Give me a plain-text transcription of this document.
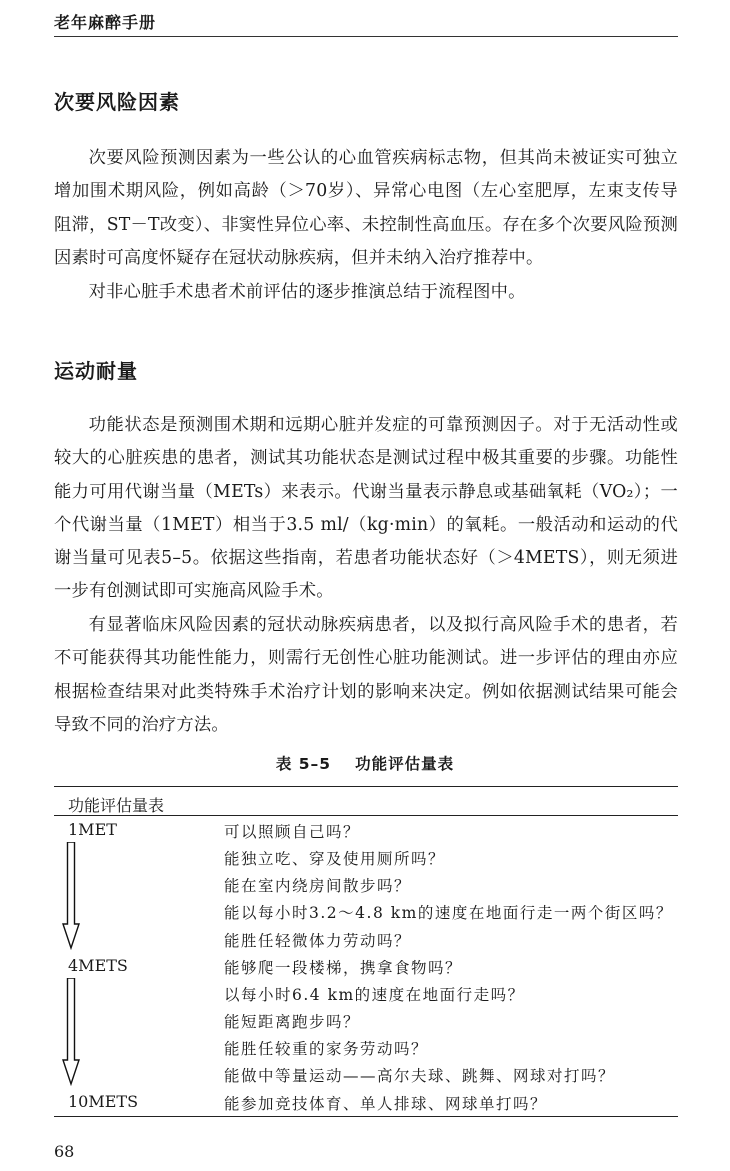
老年麻醉手册
次要风险因素

次要风险预测因素为一些公认的心血管疾病标志物，但其尚未被证实可独立增加围术期风险，例如高龄（＞70岁）、异常心电图（左心室肥厚，左束支传导阻滞，ST－T改变）、非窦性异位心率、未控制性高血压。存在多个次要风险预测因素时可高度怀疑存在冠状动脉疾病，但并未纳入治疗推荐中。

对非心脏手术患者术前评估的逐步推演总结于流程图中。

运动耐量

功能状态是预测围术期和远期心脏并发症的可靠预测因子。对于无活动性或较大的心脏疾患的患者，测试其功能状态是测试过程中极其重要的步骤。功能性能力可用代谢当量（METs）来表示。代谢当量表示静息或基础氧耗（VO₂）；一个代谢当量（1MET）相当于3.5 ml/（kg·min）的氧耗。一般活动和运动的代谢当量可见表5–5。依据这些指南，若患者功能状态好（＞4METS），则无须进一步有创测试即可实施高风险手术。

有显著临床风险因素的冠状动脉疾病患者，以及拟行高风险手术的患者，若不可能获得其功能性能力，则需行无创性心脏功能测试。进一步评估的理由亦应根据检查结果对此类特殊手术治疗计划的影响来决定。例如依据测试结果可能会导致不同的治疗方法。

表 5–5 功能评估量表
功能评估量表
1MET
4METS
10METS
可以照顾自己吗？
能独立吃、穿及使用厕所吗？
能在室内绕房间散步吗？
能以每小时3.2～4.8 km的速度在地面行走一两个街区吗？
能胜任轻微体力劳动吗？
能够爬一段楼梯，携拿食物吗？
以每小时6.4 km的速度在地面行走吗？
能短距离跑步吗？
能胜任较重的家务劳动吗？
能做中等量运动——高尔夫球、跳舞、网球对打吗？
能参加竞技体育、单人排球、网球单打吗？
68
